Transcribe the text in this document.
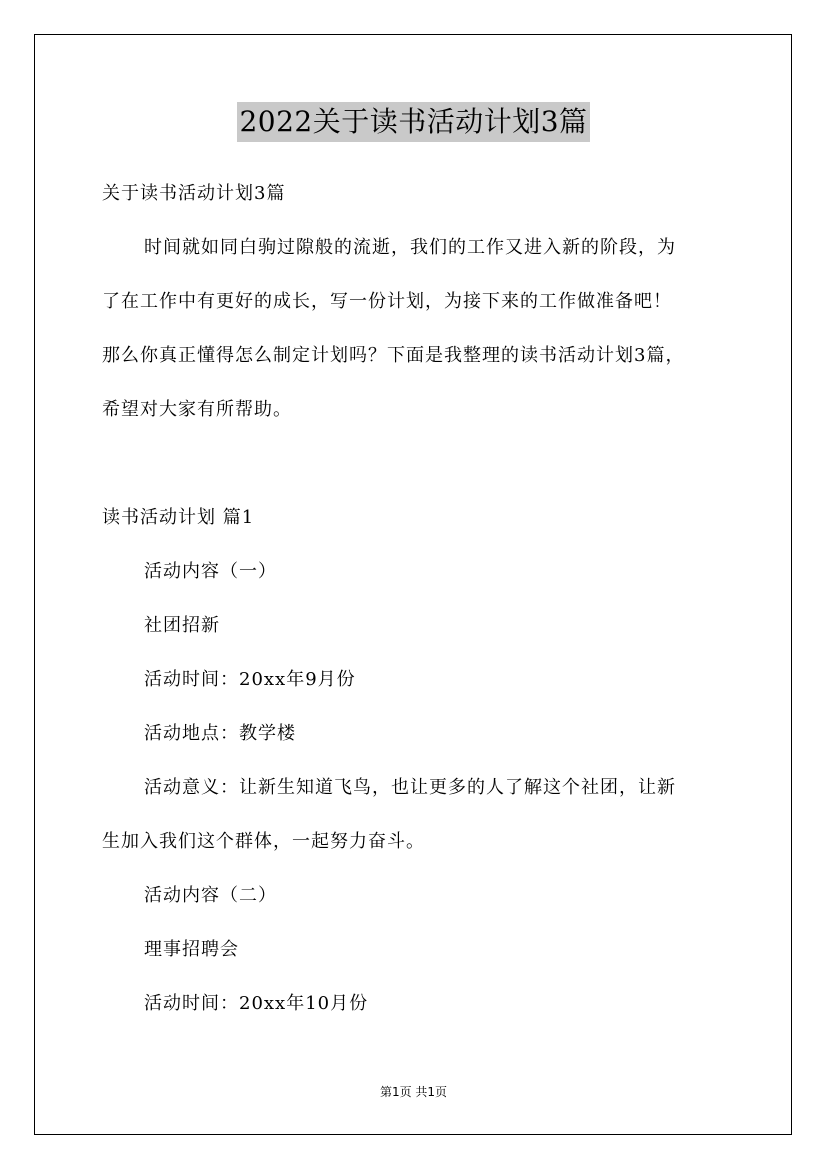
2022关于读书活动计划3篇
关于读书活动计划3篇
时间就如同白驹过隙般的流逝，我们的工作又进入新的阶段，为
了在工作中有更好的成长，写一份计划，为接下来的工作做准备吧！
那么你真正懂得怎么制定计划吗？下面是我整理的读书活动计划3篇，
希望对大家有所帮助。
读书活动计划 篇1
活动内容（一）
社团招新
活动时间：20xx年9月份
活动地点：教学楼
活动意义：让新生知道飞鸟，也让更多的人了解这个社团，让新
生加入我们这个群体，一起努力奋斗。
活动内容（二）
理事招聘会
活动时间：20xx年10月份
第1页 共1页
